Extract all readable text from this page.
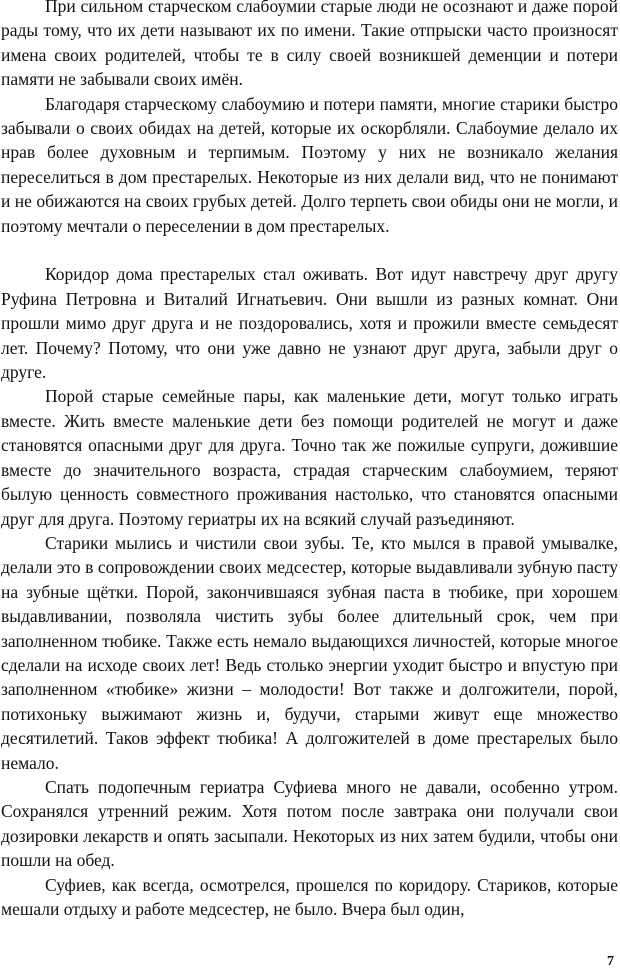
При сильном старческом слабоумии старые люди не осознают и даже порой рады тому, что их дети называют их по имени. Такие отпрыски часто произносят имена своих родителей, чтобы те в силу своей возникшей деменции и потери памяти не забывали своих имён.

Благодаря старческому слабоумию и потери памяти, многие старики быстро забывали о своих обидах на детей, которые их оскорбляли. Слабоумие делало их нрав более духовным и терпимым. Поэтому у них не возникало желания переселиться в дом престарелых. Некоторые из них делали вид, что не понимают и не обижаются на своих грубых детей. Долго терпеть свои обиды они не могли, и поэтому мечтали о переселении в дом престарелых.

Коридор дома престарелых стал оживать. Вот идут навстречу друг другу Руфина Петровна и Виталий Игнатьевич. Они вышли из разных комнат. Они прошли мимо друг друга и не поздоровались, хотя и прожили вместе семьдесят лет. Почему? Потому, что они уже давно не узнают друг друга, забыли друг о друге.

Порой старые семейные пары, как маленькие дети, могут только играть вместе. Жить вместе маленькие дети без помощи родителей не могут и даже становятся опасными друг для друга. Точно так же пожилые супруги, дожившие вместе до значительного возраста, страдая старческим слабоумием, теряют былую ценность совместного проживания настолько, что становятся опасными друг для друга. Поэтому гериатры их на всякий случай разъединяют.

Старики мылись и чистили свои зубы. Те, кто мылся в правой умывалке, делали это в сопровождении своих медсестер, которые выдавливали зубную пасту на зубные щётки. Порой, закончившаяся зубная паста в тюбике, при хорошем выдавливании, позволяла чистить зубы более длительный срок, чем при заполненном тюбике. Также есть немало выдающихся личностей, которые многое сделали на исходе своих лет! Ведь столько энергии уходит быстро и впустую при заполненном «тюбике» жизни – молодости! Вот также и долгожители, порой, потихоньку выжимают жизнь и, будучи, старыми живут еще множество десятилетий. Таков эффект тюбика! А долгожителей в доме престарелых было немало.

Спать подопечным гериатра Суфиева много не давали, особенно утром. Сохранялся утренний режим. Хотя потом после завтрака они получали свои дозировки лекарств и опять засыпали. Некоторых из них затем будили, чтобы они пошли на обед.

Суфиев, как всегда, осмотрелся, прошелся по коридору. Стариков, которые мешали отдыху и работе медсестер, не было. Вчера был один,

7
